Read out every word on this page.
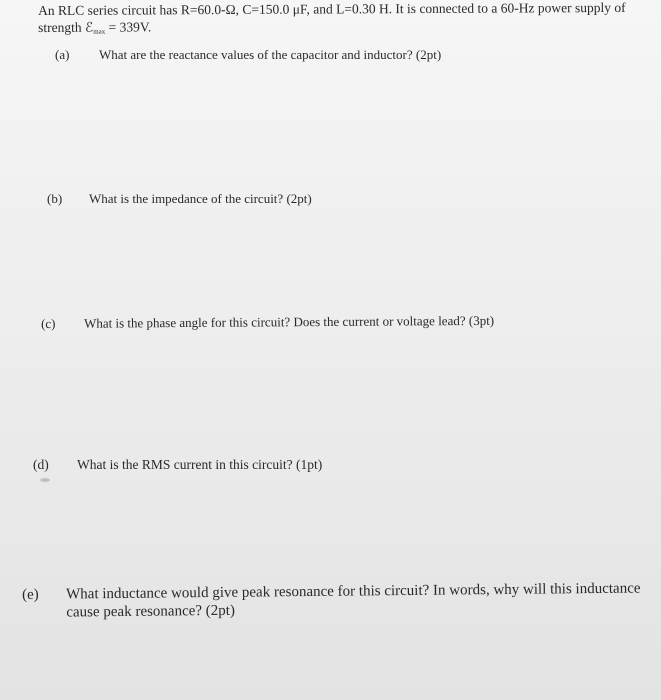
An RLC series circuit has R=60.0-Ω, C=150.0 μF, and L=0.30 H. It is connected to a 60-Hz power supply of
strength ℰ$_{max}$ = 339V.
(a)	What are the reactance values of the capacitor and inductor? (2pt)
(b)	What is the impedance of the circuit? (2pt)
(c)	What is the phase angle for this circuit? Does the current or voltage lead? (3pt)
(d)	What is the RMS current in this circuit? (1pt)
(e)	What inductance would give peak resonance for this circuit? In words, why will this inductance cause peak resonance? (2pt)
